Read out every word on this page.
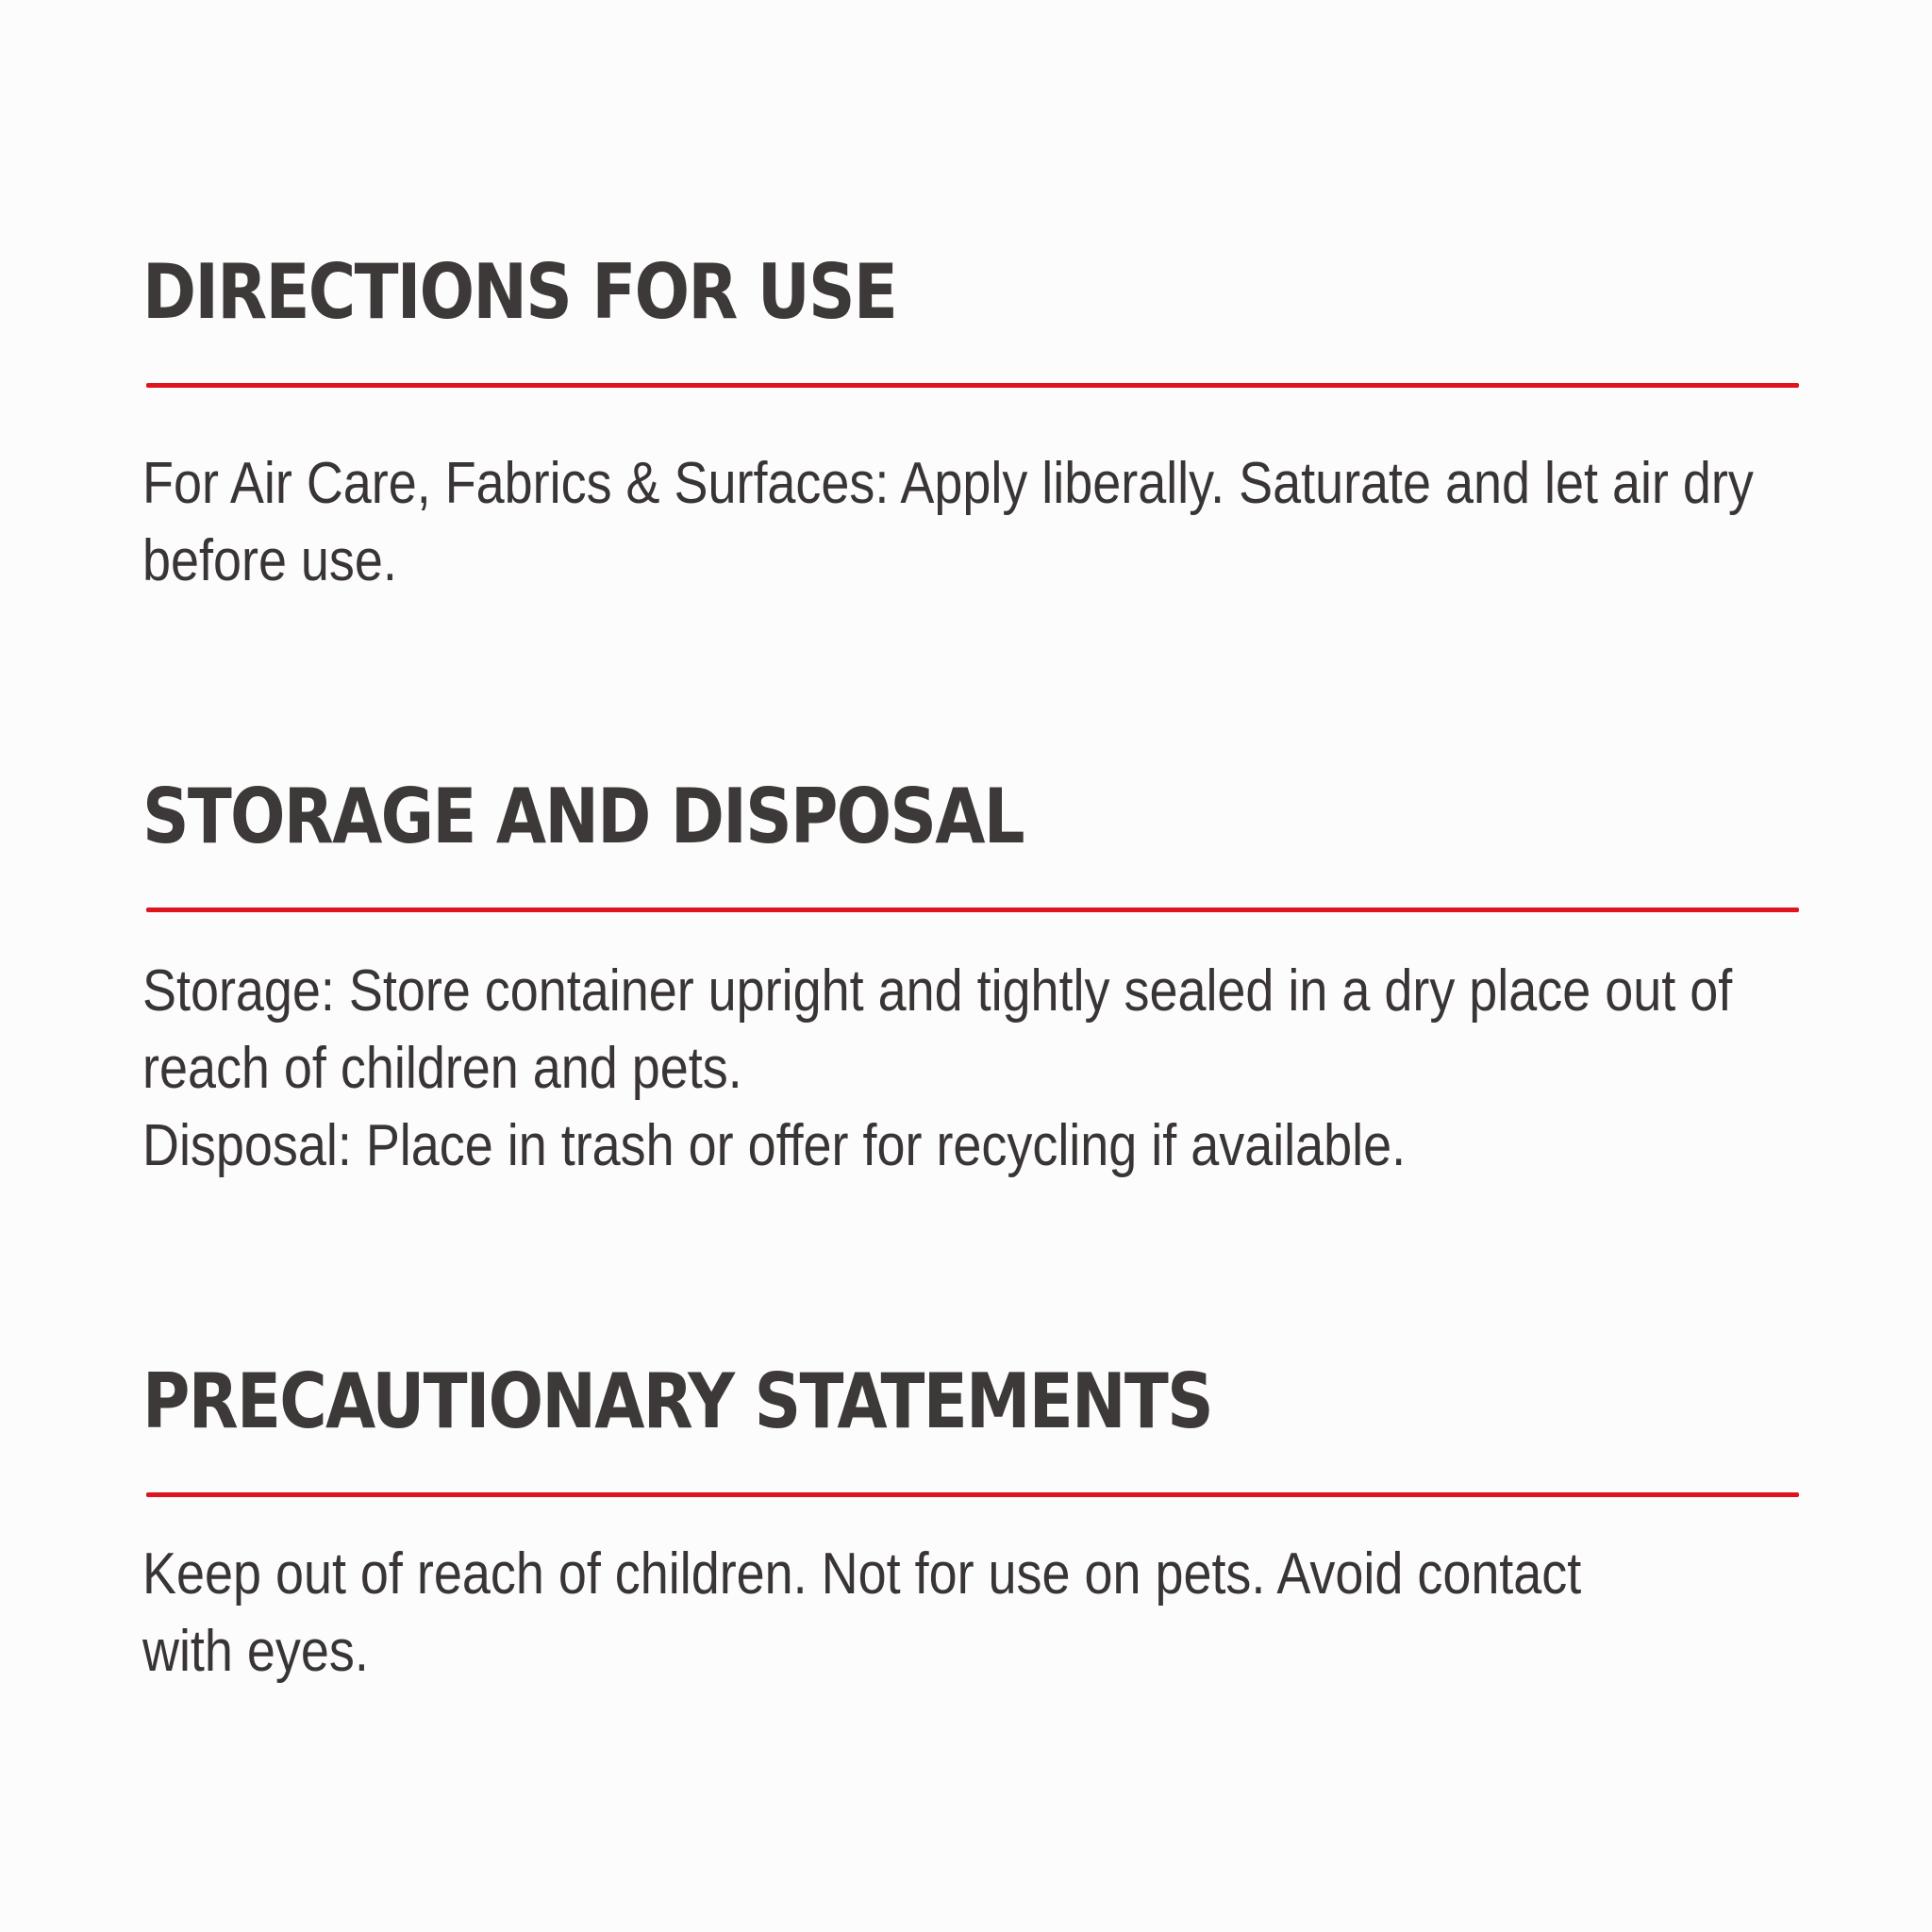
DIRECTIONS FOR USE

For Air Care, Fabrics & Surfaces: Apply liberally. Saturate and let air dry
before use.

STORAGE AND DISPOSAL

Storage: Store container upright and tightly sealed in a dry place out of
reach of children and pets.
Disposal: Place in trash or offer for recycling if available.

PRECAUTIONARY STATEMENTS

Keep out of reach of children. Not for use on pets. Avoid contact
with eyes.
